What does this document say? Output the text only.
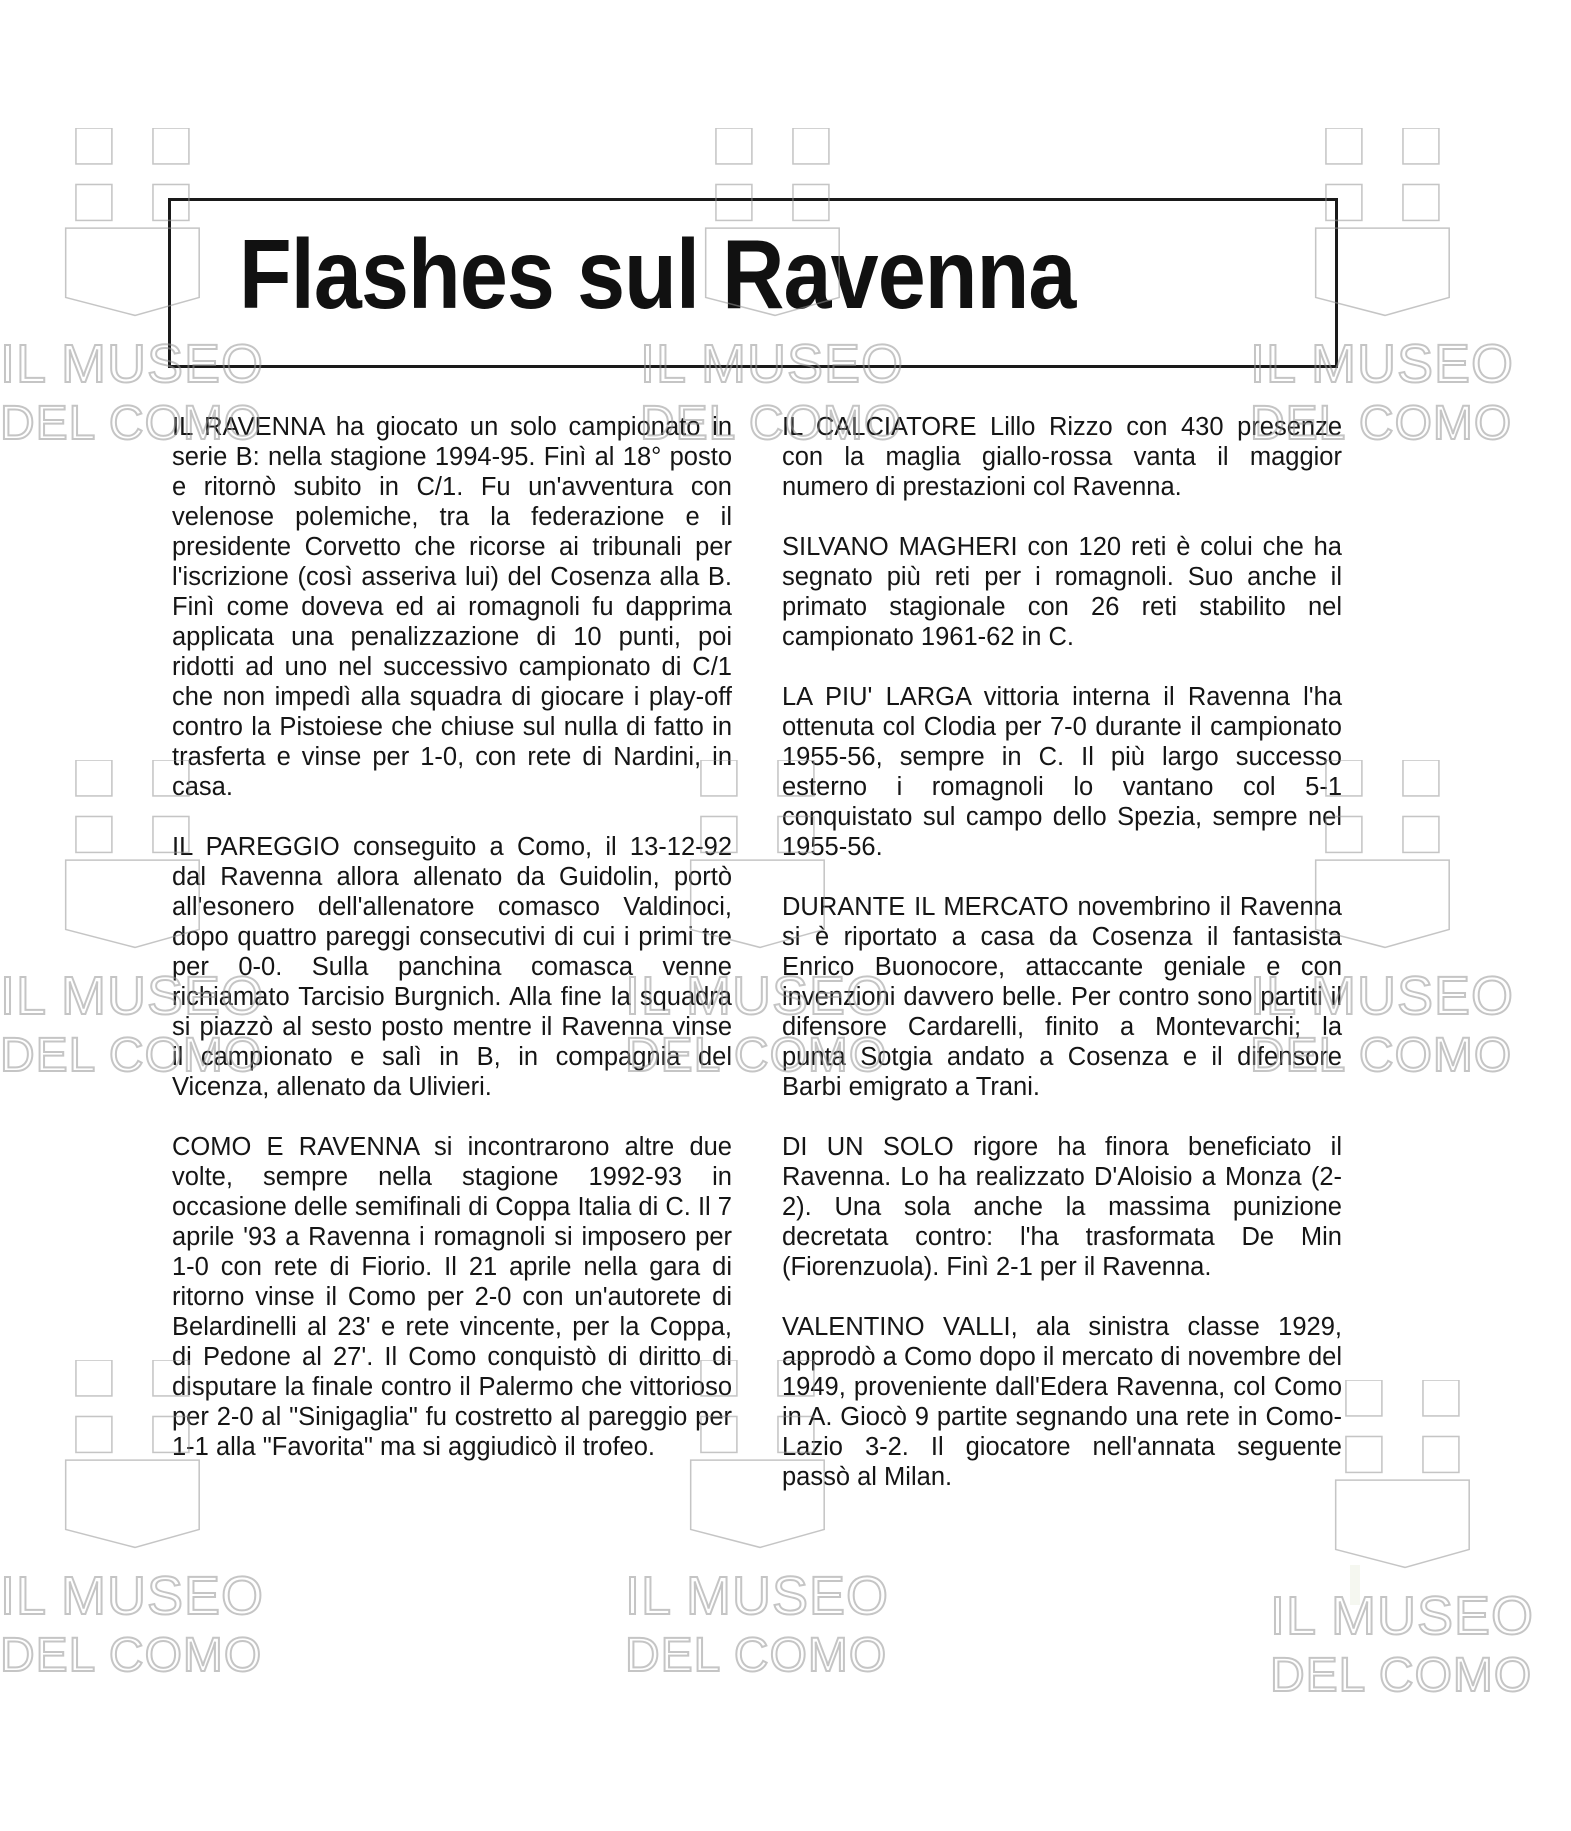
Flashes sul Ravenna

IL RAVENNA ha giocato un solo campionato in serie B: nella stagione 1994-95. Finì al 18° posto e ritornò subito in C/1. Fu un'avventura con velenose polemiche, tra la federazione e il presidente Corvetto che ricorse ai tribunali per l'iscrizione (così asseriva lui) del Cosenza alla B. Finì come doveva ed ai romagnoli fu dapprima applicata una penalizzazione di 10 punti, poi ridotti ad uno nel successivo campionato di C/1 che non impedì alla squadra di giocare i play-off contro la Pistoiese che chiuse sul nulla di fatto in trasferta e vinse per 1-0, con rete di Nardini, in casa.

IL PAREGGIO conseguito a Como, il 13-12-92 dal Ravenna allora allenato da Guidolin, portò all'esonero dell'allenatore comasco Valdinoci, dopo quattro pareggi consecutivi di cui i primi tre per 0-0. Sulla panchina comasca venne richiamato Tarcisio Burgnich. Alla fine la squadra si piazzò al sesto posto mentre il Ravenna vinse il campionato e salì in B, in compagnia del Vicenza, allenato da Ulivieri.

COMO E RAVENNA si incontrarono altre due volte, sempre nella stagione 1992-93 in occasione delle semifinali di Coppa Italia di C. Il 7 aprile '93 a Ravenna i romagnoli si imposero per 1-0 con rete di Fiorio. Il 21 aprile nella gara di ritorno vinse il Como per 2-0 con un'autorete di Belardinelli al 23' e rete vincente, per la Coppa, di Pedone al 27'. Il Como conquistò di diritto di disputare la finale contro il Palermo che vittorioso per 2-0 al "Sinigaglia" fu costretto al pareggio per 1-1 alla "Favorita" ma si aggiudicò il trofeo.

IL CALCIATORE Lillo Rizzo con 430 presenze con la maglia giallo-rossa vanta il maggior numero di prestazioni col Ravenna.

SILVANO MAGHERI con 120 reti è colui che ha segnato più reti per i romagnoli. Suo anche il primato stagionale con 26 reti stabilito nel campionato 1961-62 in C.

LA PIU' LARGA vittoria interna il Ravenna l'ha ottenuta col Clodia per 7-0 durante il campionato 1955-56, sempre in C. Il più largo successo esterno i romagnoli lo vantano col 5-1 conquistato sul campo dello Spezia, sempre nel 1955-56.

DURANTE IL MERCATO novembrino il Ravenna si è riportato a casa da Cosenza il fantasista Enrico Buonocore, attaccante geniale e con invenzioni davvero belle. Per contro sono partiti il difensore Cardarelli, finito a Montevarchi; la punta Sotgia andato a Cosenza e il difensore Barbi emigrato a Trani.

DI UN SOLO rigore ha finora beneficiato il Ravenna. Lo ha realizzato D'Aloisio a Monza (2-2). Una sola anche la massima punizione decretata contro: l'ha trasformata De Min (Fiorenzuola). Finì 2-1 per il Ravenna.

VALENTINO VALLI, ala sinistra classe 1929, approdò a Como dopo il mercato di novembre del 1949, proveniente dall'Edera Ravenna, col Como in A. Giocò 9 partite segnando una rete in Como-Lazio 3-2. Il giocatore nell'annata seguente passò al Milan.

IL
DEL
IL MUSEO
DEL COMO
IL
DEL
IL MUSEO
DEL COMO
IL
DEL
IL MUSEO
DEL COMO
